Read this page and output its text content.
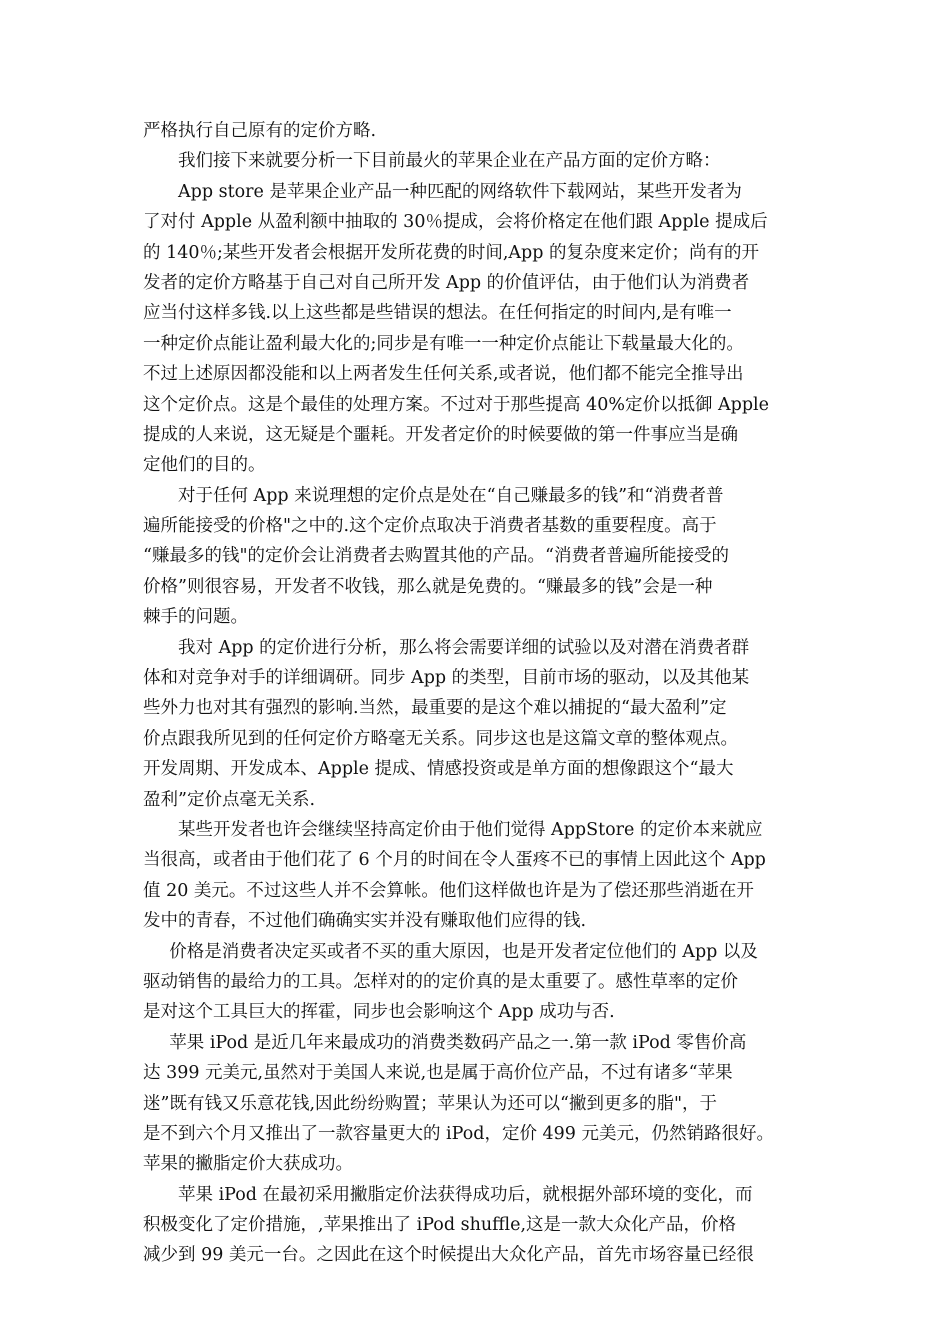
严格执行自己原有的定价方略.
我们接下来就要分析一下目前最火的苹果企业在产品方面的定价方略：
App store 是苹果企业产品一种匹配的网络软件下载网站，某些开发者为
了对付 Apple 从盈利额中抽取的 30％提成，会将价格定在他们跟 Apple 提成后
的 140％;某些开发者会根据开发所花费的时间,App 的复杂度来定价；尚有的开
发者的定价方略基于自己对自己所开发 App 的价值评估，由于他们认为消费者
应当付这样多钱.以上这些都是些错误的想法。在任何指定的时间内,是有唯一
一种定价点能让盈利最大化的;同步是有唯一一种定价点能让下载量最大化的。
不过上述原因都没能和以上两者发生任何关系,或者说，他们都不能完全推导出
这个定价点。这是个最佳的处理方案。不过对于那些提高 40%定价以抵御 Apple
提成的人来说，这无疑是个噩耗。开发者定价的时候要做的第一件事应当是确
定他们的目的。
对于任何 App 来说理想的定价点是处在“自己赚最多的钱”和“消费者普
遍所能接受的价格"之中的.这个定价点取决于消费者基数的重要程度。高于
“赚最多的钱"的定价会让消费者去购置其他的产品。“消费者普遍所能接受的
价格”则很容易，开发者不收钱，那么就是免费的。“赚最多的钱”会是一种
棘手的问题。
我对 App 的定价进行分析，那么将会需要详细的试验以及对潜在消费者群
体和对竞争对手的详细调研。同步 App 的类型，目前市场的驱动，以及其他某
些外力也对其有强烈的影响.当然，最重要的是这个难以捕捉的“最大盈利”定
价点跟我所见到的任何定价方略毫无关系。同步这也是这篇文章的整体观点。
开发周期、开发成本、Apple 提成、情感投资或是单方面的想像跟这个“最大
盈利”定价点毫无关系.
某些开发者也许会继续坚持高定价由于他们觉得 AppStore 的定价本来就应
当很高，或者由于他们花了 6 个月的时间在令人蛋疼不已的事情上因此这个 App
值 20 美元。不过这些人并不会算帐。他们这样做也许是为了偿还那些消逝在开
发中的青春，不过他们确确实实并没有赚取他们应得的钱.
价格是消费者决定买或者不买的重大原因，也是开发者定位他们的 App 以及
驱动销售的最给力的工具。怎样对的的定价真的是太重要了。感性草率的定价
是对这个工具巨大的挥霍，同步也会影响这个 App 成功与否.
苹果 iPod 是近几年来最成功的消费类数码产品之一.第一款 iPod 零售价高
达 399 元美元,虽然对于美国人来说,也是属于高价位产品，不过有诸多“苹果
迷”既有钱又乐意花钱,因此纷纷购置；苹果认为还可以“撇到更多的脂"，于
是不到六个月又推出了一款容量更大的 iPod，定价 499 元美元，仍然销路很好。
苹果的撇脂定价大获成功。
苹果 iPod 在最初采用撇脂定价法获得成功后，就根据外部环境的变化，而
积极变化了定价措施，,苹果推出了 iPod shuffle,这是一款大众化产品，价格
减少到 99 美元一台。之因此在这个时候提出大众化产品，首先市场容量已经很
